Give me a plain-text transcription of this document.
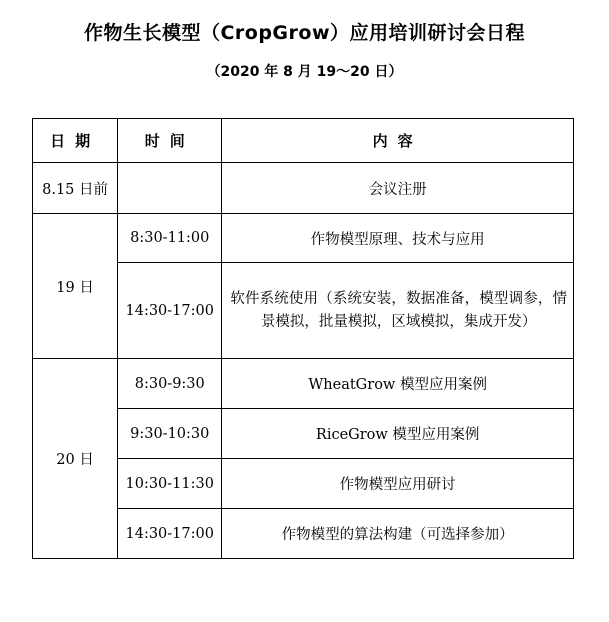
作物生长模型（CropGrow）应用培训研讨会日程
（2020 年 8 月 19～20 日）
日期	时间	内容
8.15 日前		会议注册
19 日	8:30-11:00	作物模型原理、技术与应用
	14:30-17:00	软件系统使用（系统安装，数据准备，模型调参，情景模拟，批量模拟，区域模拟，集成开发）

20 日	8:30-9:30	WheatGrow 模型应用案例
	9:30-10:30	RiceGrow 模型应用案例
	10:30-11:30	作物模型应用研讨
	14:30-17:00	作物模型的算法构建（可选择参加）
